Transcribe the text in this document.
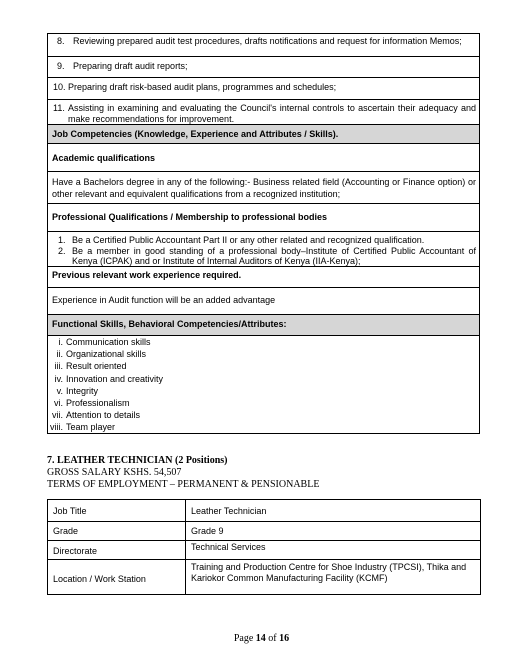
8. Reviewing prepared audit test procedures, drafts notifications and request for information Memos;
9. Preparing draft audit reports;
10. Preparing draft risk-based audit plans, programmes and schedules;
11. Assisting in examining and evaluating the Council's internal controls to ascertain their adequacy and make recommendations for improvement.
Job Competencies (Knowledge, Experience and Attributes / Skills).
Academic qualifications
Have a Bachelors degree in any of the following:- Business related field (Accounting or Finance option) or other relevant and equivalent qualifications from a recognized institution;
Professional Qualifications / Membership to professional bodies
1. Be a Certified Public Accountant Part II or any other related and recognized qualification.
2. Be a member in good standing of a professional body–Institute of Certified Public Accountant of Kenya (ICPAK) and or Institute of Internal Auditors of Kenya (IIA-Kenya);
Previous relevant work experience required.
Experience in Audit function will be an added advantage
Functional Skills, Behavioral Competencies/Attributes:
i. Communication skills
ii. Organizational skills
iii. Result oriented
iv. Innovation and creativity
v. Integrity
vi. Professionalism
vii. Attention to details
viii. Team player
7. LEATHER TECHNICIAN (2 Positions)
GROSS SALARY KSHS. 54,507
TERMS OF EMPLOYMENT – PERMANENT & PENSIONABLE
Job Title	Leather Technician
Grade	Grade 9
Directorate	Technical Services
Location / Work Station	Training and Production Centre for Shoe Industry (TPCSI), Thika and Kariokor Common Manufacturing Facility (KCMF)
Page 14 of 16
